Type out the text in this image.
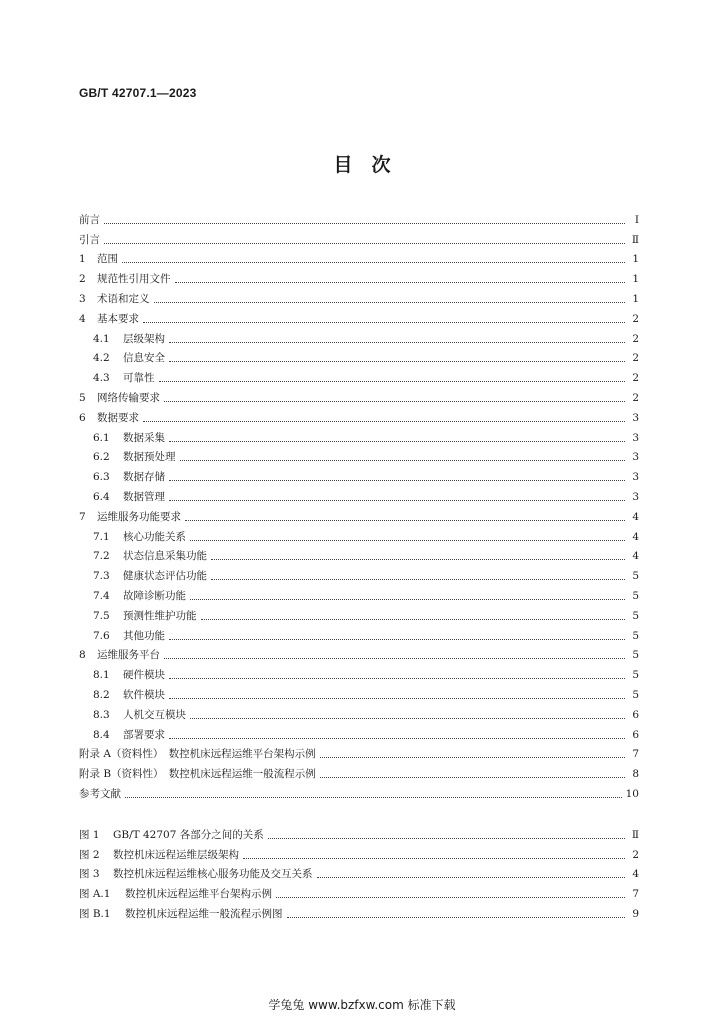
GB/T 42707.1—2023
目　次
前言	Ⅰ
引言	Ⅱ
1	范围	1
2	规范性引用文件	1
3	术语和定义	1
4	基本要求	2
4.1	层级架构	2
4.2	信息安全	2
4.3	可靠性	2
5	网络传输要求	2
6	数据要求	3
6.1	数据采集	3
6.2	数据预处理	3
6.3	数据存储	3
6.4	数据管理	3
7	运维服务功能要求	4
7.1	核心功能关系	4
7.2	状态信息采集功能	4
7.3	健康状态评估功能	5
7.4	故障诊断功能	5
7.5	预测性维护功能	5
7.6	其他功能	5
8	运维服务平台	5
8.1	硬件模块	5
8.2	软件模块	5
8.3	人机交互模块	6
8.4	部署要求	6
附录 A（资料性）　数控机床远程运维平台架构示例	7
附录 B（资料性）　数控机床远程运维一般流程示例	8
参考文献	10
图 1	GB/T 42707 各部分之间的关系	Ⅱ
图 2	数控机床远程运维层级架构	2
图 3	数控机床远程运维核心服务功能及交互关系	4
图 A.1	数控机床远程运维平台架构示例	7
图 B.1	数控机床远程运维一般流程示例图	9
学兔兔 www.bzfxw.com 标准下载
